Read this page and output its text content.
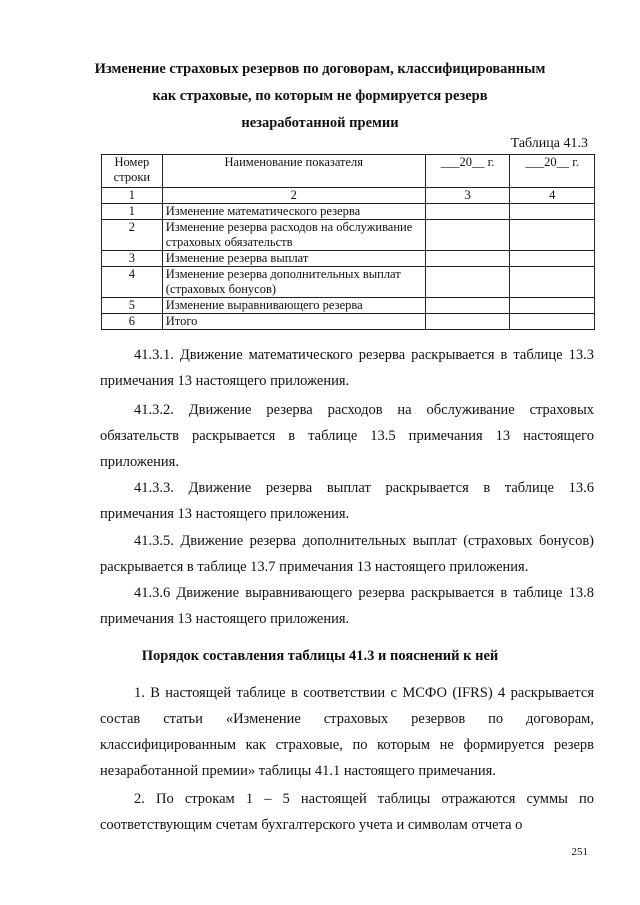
Изменение страховых резервов по договорам, классифицированным
как страховые, по которым не формируется резерв
незаработанной премии
Таблица 41.3
Номер строки	Наименование показателя	___20__ г.	___20__ г.
1	2	3	4
1	Изменение математического резерва		
2	Изменение резерва расходов на обслуживание страховых обязательств		
3	Изменение резерва выплат		
4	Изменение резерва дополнительных выплат (страховых бонусов)		
5	Изменение выравнивающего резерва		
6	Итого		
41.3.1. Движение математического резерва раскрывается в таблице 13.3 примечания 13 настоящего приложения.
41.3.2. Движение резерва расходов на обслуживание страховых обязательств раскрывается в таблице 13.5 примечания 13 настоящего приложения.
41.3.3. Движение резерва выплат раскрывается в таблице 13.6 примечания 13 настоящего приложения.
41.3.5. Движение резерва дополнительных выплат (страховых бонусов) раскрывается в таблице 13.7 примечания 13 настоящего приложения.
41.3.6 Движение выравнивающего резерва раскрывается в таблице 13.8 примечания 13 настоящего приложения.
Порядок составления таблицы 41.3 и пояснений к ней
1. В настоящей таблице в соответствии с МСФО (IFRS) 4 раскрывается состав статьи «Изменение страховых резервов по договорам, классифицированным как страховые, по которым не формируется резерв незаработанной премии» таблицы 41.1 настоящего примечания.
2. По строкам 1 – 5 настоящей таблицы отражаются суммы по соответствующим счетам бухгалтерского учета и символам отчета о
251
